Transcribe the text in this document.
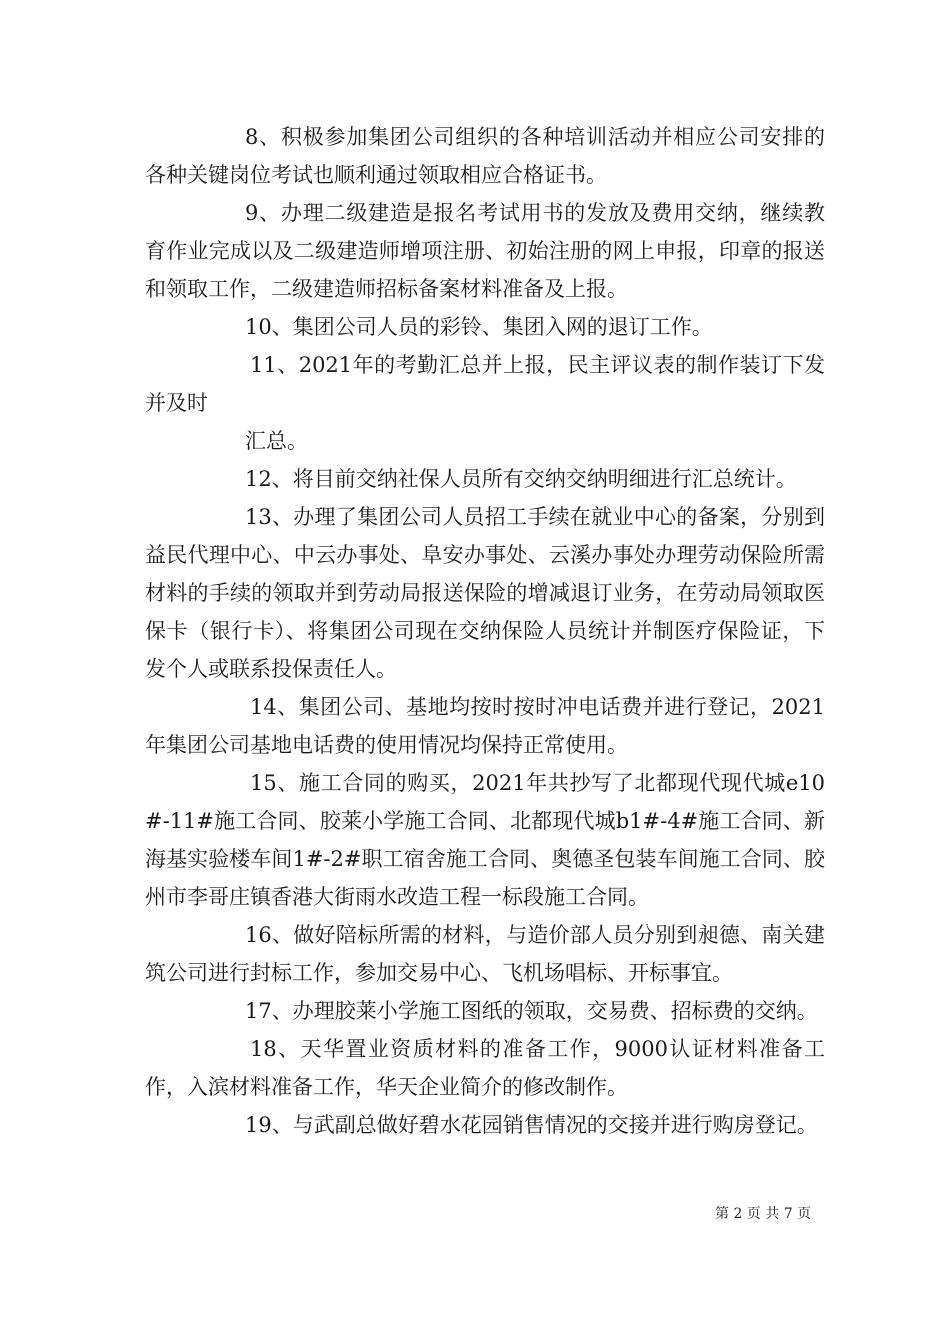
8、积极参加集团公司组织的各种培训活动并相应公司安排的各种关键岗位考试也顺利通过领取相应合格证书。

9、办理二级建造是报名考试用书的发放及费用交纳，继续教育作业完成以及二级建造师增项注册、初始注册的网上申报，印章的报送和领取工作，二级建造师招标备案材料准备及上报。

10、集团公司人员的彩铃、集团入网的退订工作。

11、2021年的考勤汇总并上报，民主评议表的制作装订下发并及时

汇总。

12、将目前交纳社保人员所有交纳交纳明细进行汇总统计。

13、办理了集团公司人员招工手续在就业中心的备案，分别到益民代理中心、中云办事处、阜安办事处、云溪办事处办理劳动保险所需材料的手续的领取并到劳动局报送保险的增减退订业务，在劳动局领取医保卡（银行卡）、将集团公司现在交纳保险人员统计并制医疗保险证，下发个人或联系投保责任人。

14、集团公司、基地均按时按时冲电话费并进行登记，2021年集团公司基地电话费的使用情况均保持正常使用。

15、施工合同的购买，2021年共抄写了北都现代现代城e10#-11#施工合同、胶莱小学施工合同、北都现代城b1#-4#施工合同、新海基实验楼车间1#-2#职工宿舍施工合同、奥德圣包装车间施工合同、胶州市李哥庄镇香港大街雨水改造工程一标段施工合同。

16、做好陪标所需的材料，与造价部人员分别到昶德、南关建筑公司进行封标工作，参加交易中心、飞机场唱标、开标事宜。

17、办理胶莱小学施工图纸的领取，交易费、招标费的交纳。

18、天华置业资质材料的准备工作，9000认证材料准备工作，入滨材料准备工作，华天企业简介的修改制作。

19、与武副总做好碧水花园销售情况的交接并进行购房登记。

第 2 页 共 7 页
